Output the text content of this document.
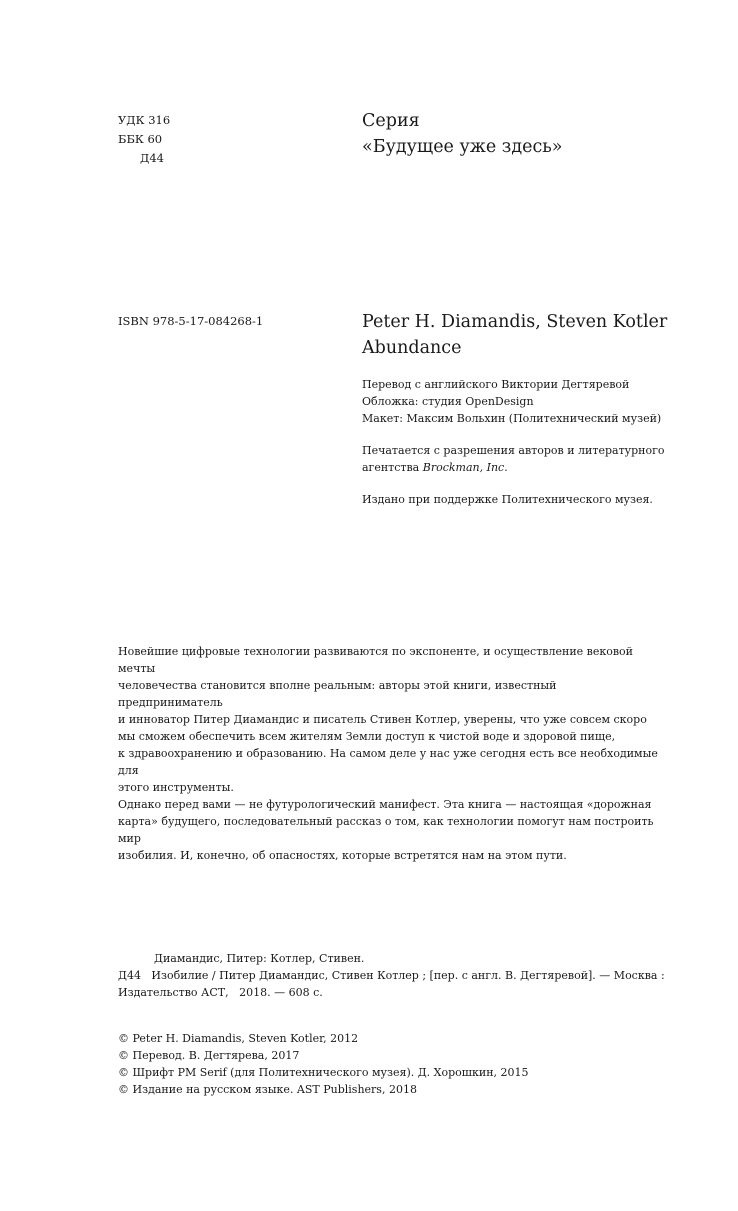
УДК 316
ББК 60
Д44
Серия
«Будущее уже здесь»
ISBN 978-5-17-084268-1	Peter H. Diamandis, Steven Kotler
Abundance
Перевод с английского Виктории Дегтяревой
Обложка: студия OpenDesign
Макет: Максим Вольхин (Политехнический музей)
Печатается с разрешения авторов и литературного
агентства Brockman, Inc.
Издано при поддержке Политехнического музея.
Новейшие цифровые технологии развиваются по экспоненте, и осуществление вековой мечты
человечества становится вполне реальным: авторы этой книги, известный предприниматель
и инноватор Питер Диамандис и писатель Стивен Котлер, уверены, что уже совсем скоро
мы сможем обеспечить всем жителям Земли доступ к чистой воде и здоровой пище,
к здравоохранению и образованию. На самом деле у нас уже сегодня есть все необходимые для
этого инструменты.
Однако перед вами — не футурологический манифест. Эта книга — настоящая «дорожная
карта» будущего, последовательный рассказ о том, как технологии помогут нам построить мир
изобилия. И, конечно, об опасностях, которые встретятся нам на этом пути.
Диамандис, Питер: Котлер, Стивен.
Д44   Изобилие / Питер Диамандис, Стивен Котлер ; [пер. с англ. В. Дегтяревой]. — Москва :
Издательство АСТ,   2018. — 608 с.
© Peter H. Diamandis, Steven Kotler, 2012
© Перевод. В. Дегтярева, 2017
© Шрифт PM Serif (для Политехнического музея). Д. Хорошкин, 2015
© Издание на русском языке. AST Publishers, 2018
